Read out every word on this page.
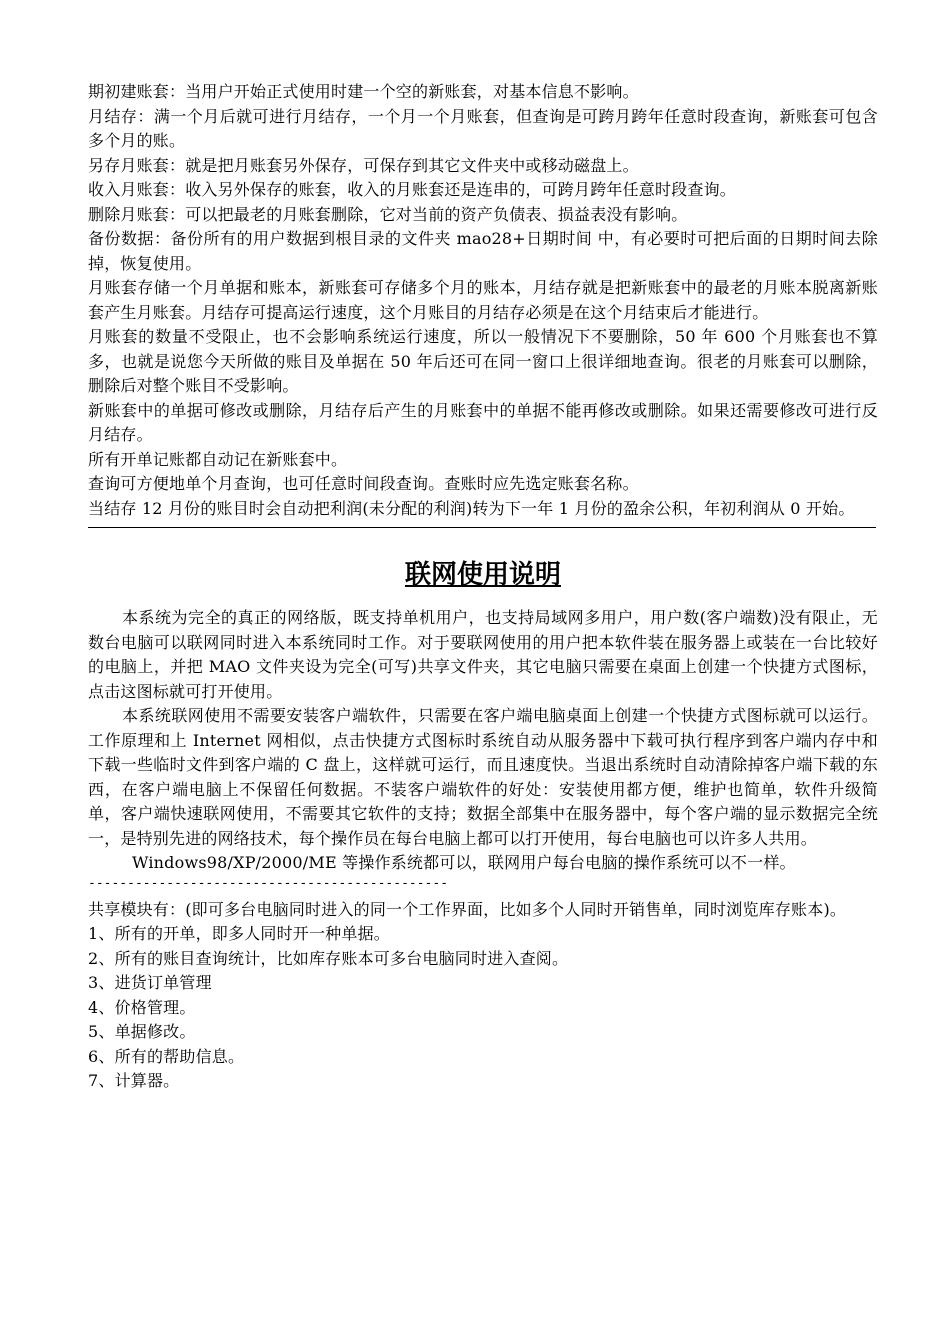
期初建账套：当用户开始正式使用时建一个空的新账套，对基本信息不影响。

月结存：满一个月后就可进行月结存，一个月一个月账套，但查询是可跨月跨年任意时段查询，新账套可包含多个月的账。

另存月账套：就是把月账套另外保存，可保存到其它文件夹中或移动磁盘上。

收入月账套：收入另外保存的账套，收入的月账套还是连串的，可跨月跨年任意时段查询。

删除月账套：可以把最老的月账套删除，它对当前的资产负债表、损益表没有影响。

备份数据：备份所有的用户数据到根目录的文件夹 mao28+日期时间 中，有必要时可把后面的日期时间去除掉，恢复使用。

月账套存储一个月单据和账本，新账套可存储多个月的账本，月结存就是把新账套中的最老的月账本脱离新账套产生月账套。月结存可提高运行速度，这个月账目的月结存必须是在这个月结束后才能进行。

月账套的数量不受限止，也不会影响系统运行速度，所以一般情况下不要删除，50 年 600 个月账套也不算多，也就是说您今天所做的账目及单据在 50 年后还可在同一窗口上很详细地查询。很老的月账套可以删除，删除后对整个账目不受影响。

新账套中的单据可修改或删除，月结存后产生的月账套中的单据不能再修改或删除。如果还需要修改可进行反月结存。

所有开单记账都自动记在新账套中。

查询可方便地单个月查询，也可任意时间段查询。查账时应先选定账套名称。

当结存 12 月份的账目时会自动把利润(未分配的利润)转为下一年 1 月份的盈余公积，年初利润从 0 开始。

联网使用说明

本系统为完全的真正的网络版，既支持单机用户，也支持局域网多用户，用户数(客户端数)没有限止，无数台电脑可以联网同时进入本系统同时工作。对于要联网使用的用户把本软件装在服务器上或装在一台比较好的电脑上，并把 MAO 文件夹设为完全(可写)共享文件夹，其它电脑只需要在桌面上创建一个快捷方式图标，点击这图标就可打开使用。

本系统联网使用不需要安装客户端软件，只需要在客户端电脑桌面上创建一个快捷方式图标就可以运行。工作原理和上 Internet 网相似，点击快捷方式图标时系统自动从服务器中下载可执行程序到客户端内存中和下载一些临时文件到客户端的 C 盘上，这样就可运行，而且速度快。当退出系统时自动清除掉客户端下载的东西，在客户端电脑上不保留任何数据。不装客户端软件的好处：安装使用都方便，维护也简单，软件升级简单，客户端快速联网使用，不需要其它软件的支持；数据全部集中在服务器中，每个客户端的显示数据完全统一，是特别先进的网络技术，每个操作员在每台电脑上都可以打开使用，每台电脑也可以许多人共用。

Windows98/XP/2000/ME 等操作系统都可以，联网用户每台电脑的操作系统可以不一样。

----------------------------------------------

共享模块有：(即可多台电脑同时进入的同一个工作界面，比如多个人同时开销售单，同时浏览库存账本)。

1、所有的开单，即多人同时开一种单据。

2、所有的账目查询统计，比如库存账本可多台电脑同时进入查阅。

3、进货订单管理

4、价格管理。

5、单据修改。

6、所有的帮助信息。

7、计算器。
